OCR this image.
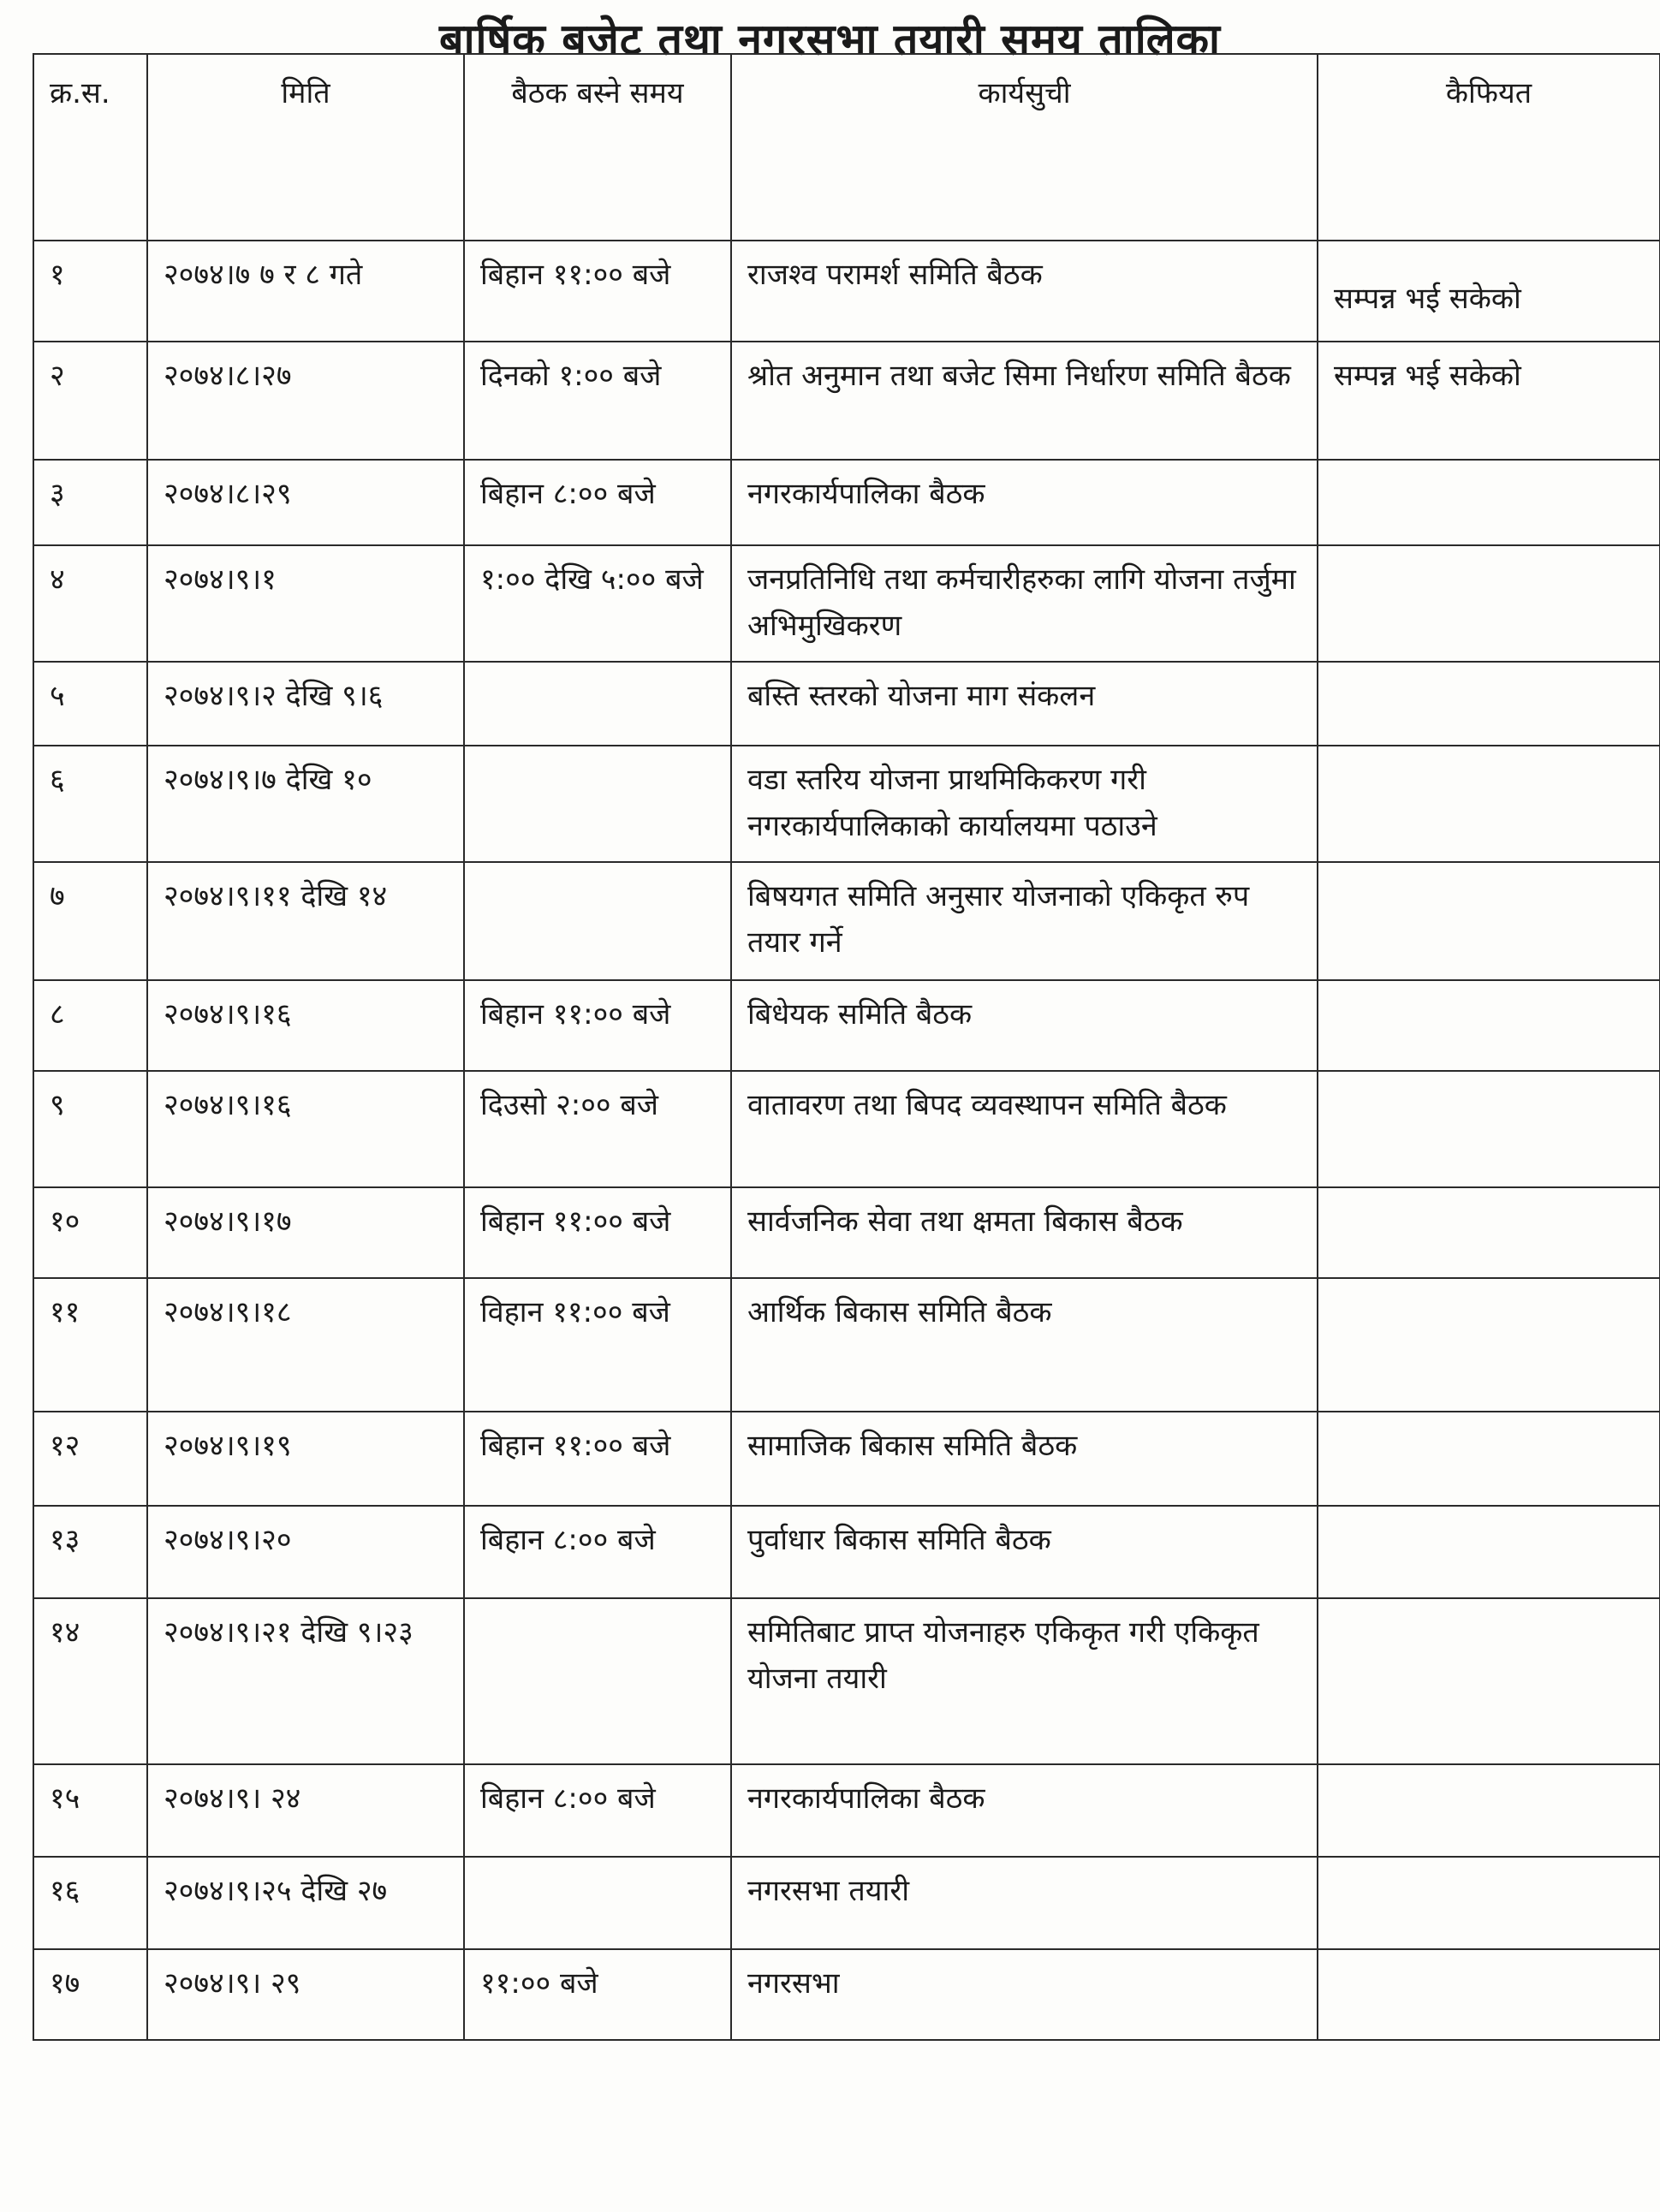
बार्षिक बजेट तथा नगरसभा तयारी समय तालिका
क्र.स.	मिति	बैठक बस्ने समय	कार्यसुची	कैफियत
१	२०७४।७ ७ र ८ गते	बिहान ११:०० बजे	राजश्व परामर्श समिति बैठक	सम्पन्न भई सकेको
२	२०७४।८।२७	दिनको १:०० बजे	श्रोत अनुमान तथा बजेट सिमा निर्धारण समिति बैठक	सम्पन्न भई सकेको
३	२०७४।८।२९	बिहान ८:०० बजे	नगरकार्यपालिका बैठक	
४	२०७४।९।१	१:०० देखि ५:०० बजे	जनप्रतिनिधि तथा कर्मचारीहरुका लागि योजना तर्जुमा अभिमुखिकरण	
५	२०७४।९।२ देखि ९।६		बस्ति स्तरको योजना माग संकलन	
६	२०७४।९।७ देखि १०		वडा स्तरिय योजना प्राथमिकिकरण गरी नगरकार्यपालिकाको कार्यालयमा पठाउने	
७	२०७४।९।११ देखि १४		बिषयगत समिति अनुसार योजनाको एकिकृत रुप तयार गर्ने	
८	२०७४।९।१६	बिहान ११:०० बजे	बिधेयक समिति बैठक	
९	२०७४।९।१६	दिउसो २:०० बजे	वातावरण तथा बिपद व्यवस्थापन समिति बैठक	
१०	२०७४।९।१७	बिहान ११:०० बजे	सार्वजनिक सेवा तथा क्षमता बिकास बैठक	
११	२०७४।९।१८	विहान ११:०० बजे	आर्थिक बिकास समिति बैठक	
१२	२०७४।९।१९	बिहान ११:०० बजे	सामाजिक बिकास समिति बैठक	
१३	२०७४।९।२०	बिहान ८:०० बजे	पुर्वाधार बिकास समिति बैठक	
१४	२०७४।९।२१ देखि ९।२३		समितिबाट प्राप्त योजनाहरु एकिकृत गरी एकिकृत योजना तयारी	
१५	२०७४।९। २४	बिहान ८:०० बजे	नगरकार्यपालिका बैठक	
१६	२०७४।९।२५ देखि २७		नगरसभा तयारी	
१७	२०७४।९। २९	११:०० बजे	नगरसभा	
